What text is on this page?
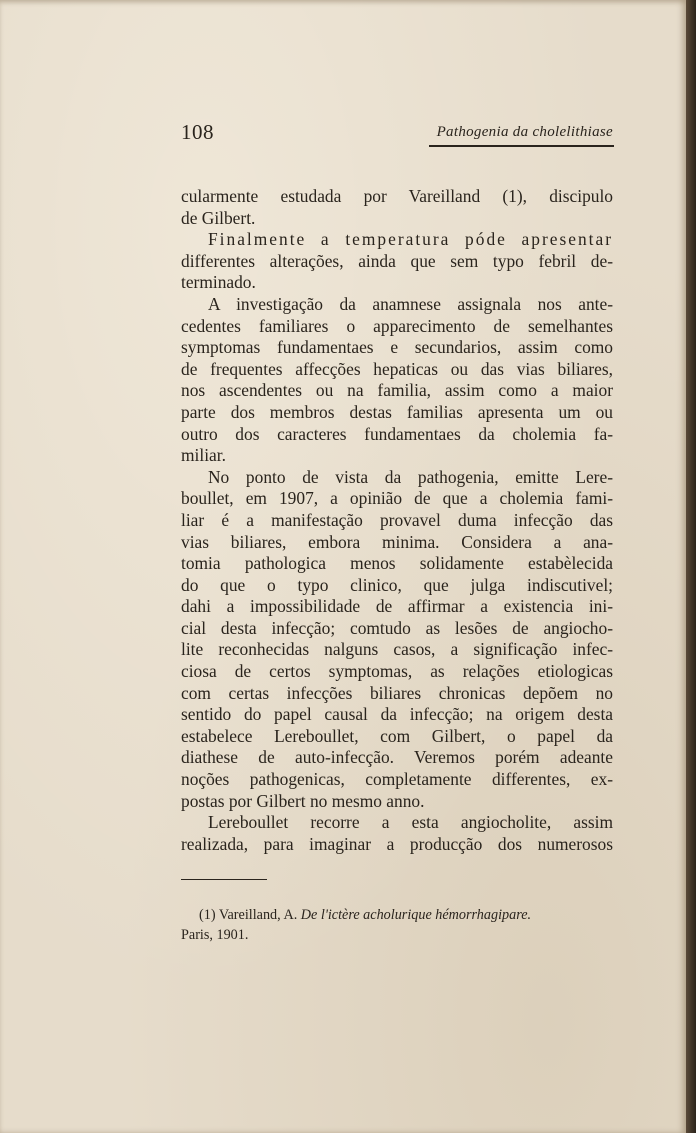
108	Pathogenia da cholelithiase
cularmente estudada por Vareilland (1), discipulo
de Gilbert.
Finalmente a temperatura póde apresentar
differentes alterações, ainda que sem typo febril de-
terminado.
A investigação da anamnese assignala nos ante-
cedentes familiares o apparecimento de semelhantes
symptomas fundamentaes e secundarios, assim como
de frequentes affecções hepaticas ou das vias biliares,
nos ascendentes ou na familia, assim como a maior
parte dos membros destas familias apresenta um ou
outro dos caracteres fundamentaes da cholemia fa-
miliar.
No ponto de vista da pathogenia, emitte Lere-
boullet, em 1907, a opinião de que a cholemia fami-
liar é a manifestação provavel duma infecção das
vias biliares, embora minima. Considera a ana-
tomia pathologica menos solidamente estabèlecida
do que o typo clinico, que julga indiscutivel;
dahi a impossibilidade de affirmar a existencia ini-
cial desta infecção; comtudo as lesões de angiocho-
lite reconhecidas nalguns casos, a significação infec-
ciosa de certos symptomas, as relações etiologicas
com certas infecções biliares chronicas depõem no
sentido do papel causal da infecção; na origem desta
estabelece Lereboullet, com Gilbert, o papel da
diathese de auto-infecção. Veremos porém adeante
noções pathogenicas, completamente differentes, ex-
postas por Gilbert no mesmo anno.
Lereboullet recorre a esta angiocholite, assim
realizada, para imaginar a producção dos numerosos
(1) Vareilland, A. De l'ictère acholurique hémorrhagipare.
Paris, 1901.
